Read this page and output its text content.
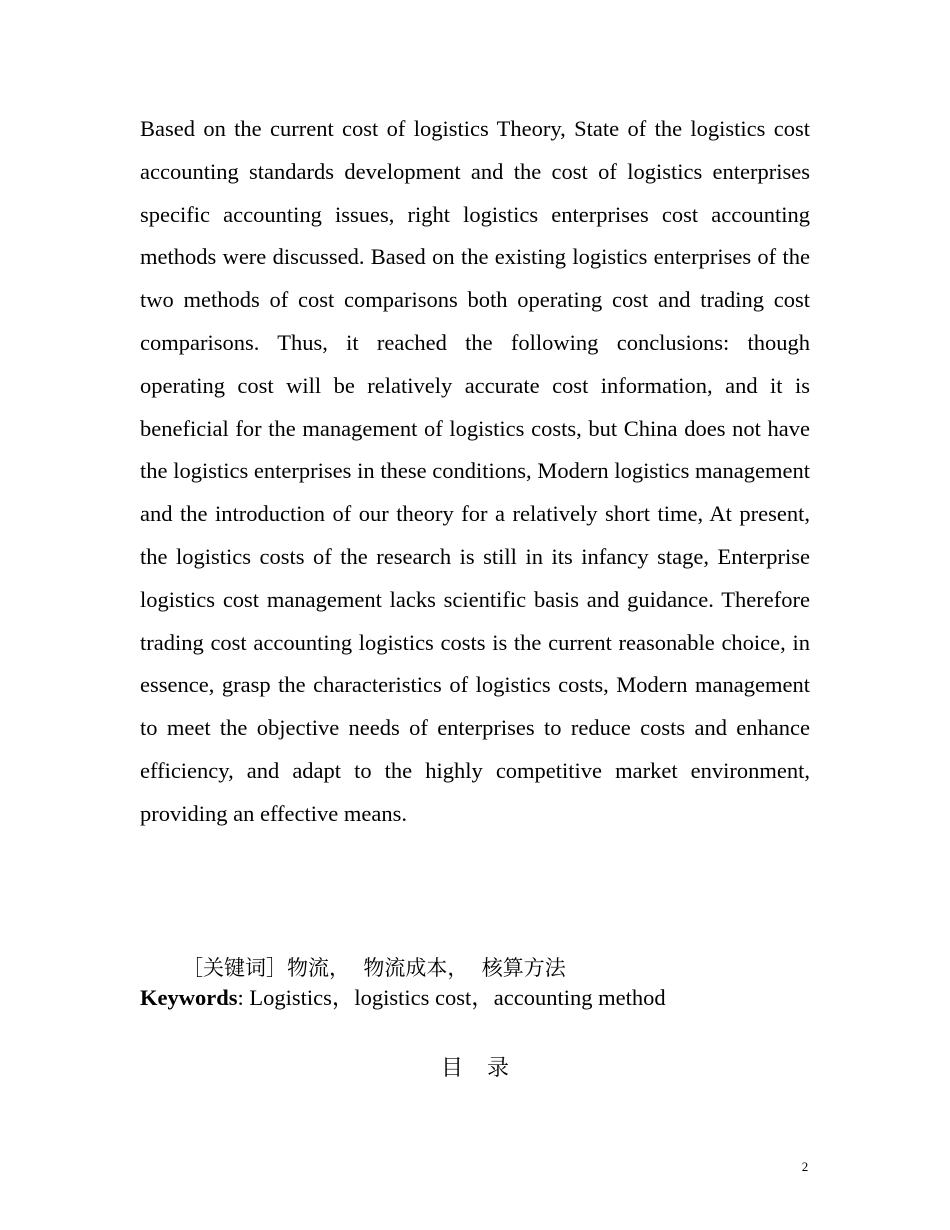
Based on the current cost of logistics Theory, State of the logistics cost accounting standards development and the cost of logistics enterprises specific accounting issues, right logistics enterprises cost accounting methods were discussed. Based on the existing logistics enterprises of the two methods of cost comparisons both operating cost and trading cost comparisons. Thus, it reached the following conclusions: though operating cost will be relatively accurate cost information, and it is beneficial for the management of logistics costs, but China does not have the logistics enterprises in these conditions, Modern logistics management and the introduction of our theory for a relatively short time, At present, the logistics costs of the research is still in its infancy stage, Enterprise logistics cost management lacks scientific basis and guidance. Therefore trading cost accounting logistics costs is the current reasonable choice, in essence, grasp the characteristics of logistics costs, Modern management to meet the objective needs of enterprises to reduce costs and enhance efficiency, and adapt to the highly competitive market environment, providing an effective means.

［关键词］物流，  物流成本，  核算方法
Keywords: Logistics，logistics cost，accounting method
目录
2
